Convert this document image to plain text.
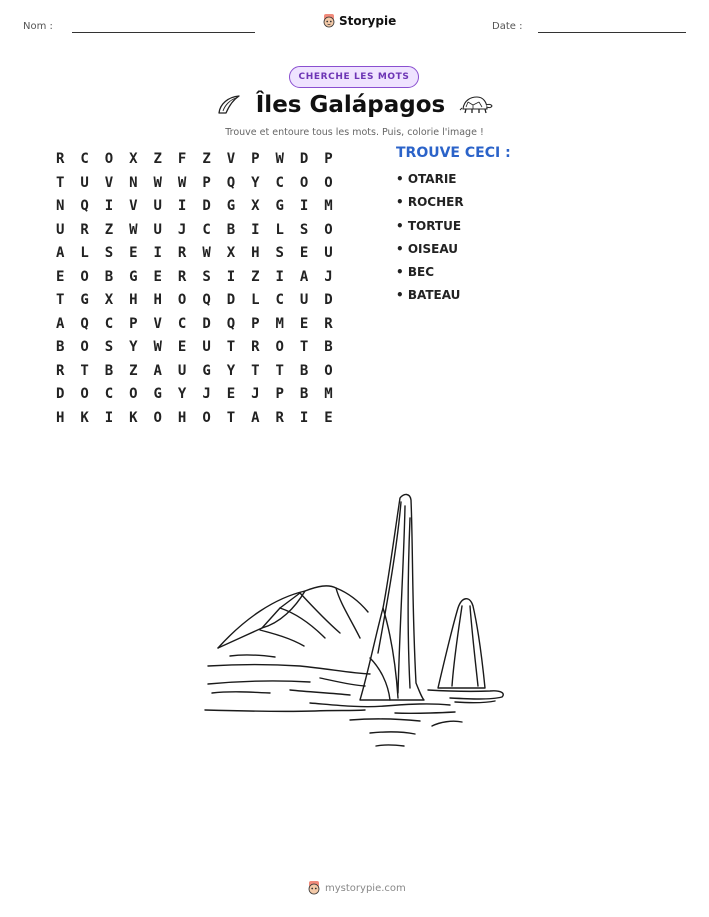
Nom :	Storypie	Date :
CHERCHE LES MOTS
Îles Galápagos
Trouve et entoure tous les mots. Puis, colorie l'image !
R	C	O	X	Z	F	Z	V	P	W	D	P
T	U	V	N	W	W	P	Q	Y	C	O	O
N	Q	I	V	U	I	D	G	X	G	I	M
U	R	Z	W	U	J	C	B	I	L	S	O
A	L	S	E	I	R	W	X	H	S	E	U
E	O	B	G	E	R	S	I	Z	I	A	J
T	G	X	H	H	O	Q	D	L	C	U	D
A	Q	C	P	V	C	D	Q	P	M	E	R
B	O	S	Y	W	E	U	T	R	O	T	B
R	T	B	Z	A	U	G	Y	T	T	B	O
D	O	C	O	G	Y	J	E	J	P	B	M
H	K	I	K	O	H	O	T	A	R	I	E
TROUVE CECI :
• OTARIE
• ROCHER
• TORTUE
• OISEAU
• BEC
• BATEAU
mystorypie.com
